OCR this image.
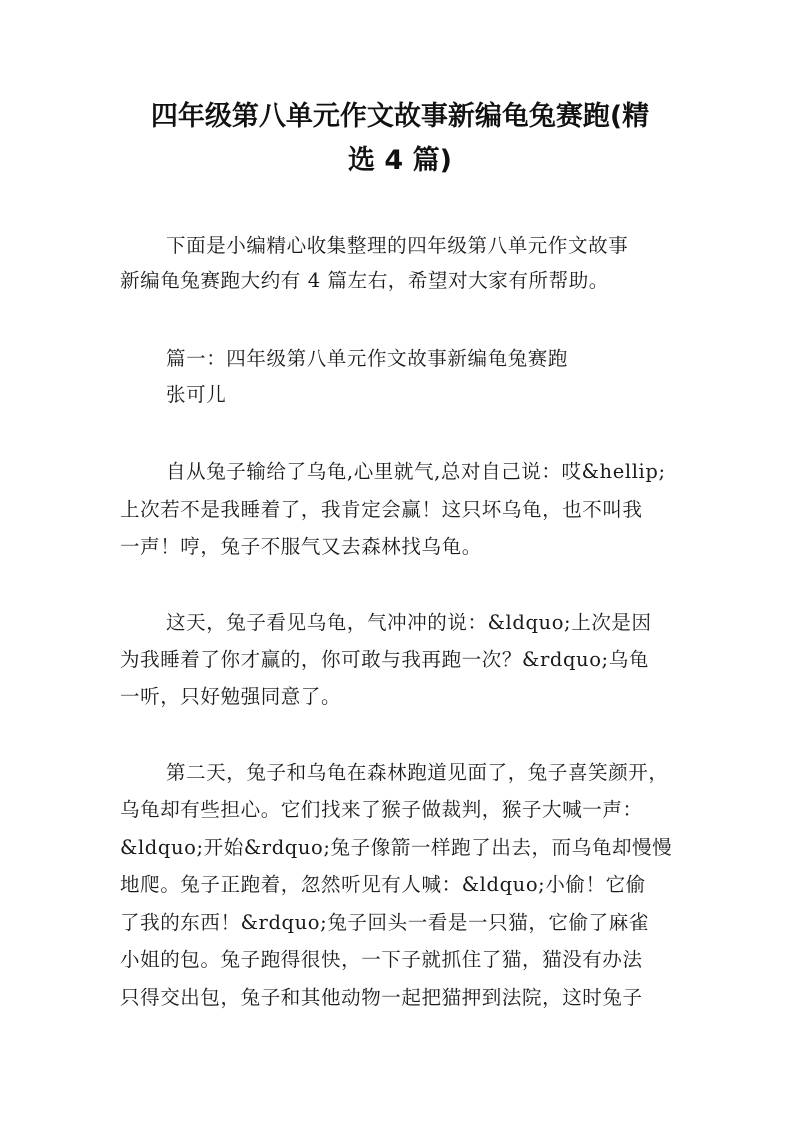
四年级第八单元作文故事新编龟兔赛跑(精
选 4 篇)
下面是小编精心收集整理的四年级第八单元作文故事
新编龟兔赛跑大约有 4 篇左右，希望对大家有所帮助。
篇一：四年级第八单元作文故事新编龟兔赛跑
张可儿
自从兔子输给了乌龟,心里就气,总对自己说：哎&hellip;
上次若不是我睡着了，我肯定会赢！这只坏乌龟，也不叫我
一声！哼，兔子不服气又去森林找乌龟。
这天，兔子看见乌龟，气冲冲的说：&ldquo;上次是因
为我睡着了你才赢的，你可敢与我再跑一次？&rdquo;乌龟
一听，只好勉强同意了。
第二天，兔子和乌龟在森林跑道见面了，兔子喜笑颜开，
乌龟却有些担心。它们找来了猴子做裁判，猴子大喊一声：
&ldquo;开始&rdquo;兔子像箭一样跑了出去，而乌龟却慢慢
地爬。兔子正跑着，忽然听见有人喊：&ldquo;小偷！它偷
了我的东西！&rdquo;兔子回头一看是一只猫，它偷了麻雀
小姐的包。兔子跑得很快，一下子就抓住了猫，猫没有办法
只得交出包，兔子和其他动物一起把猫押到法院，这时兔子
